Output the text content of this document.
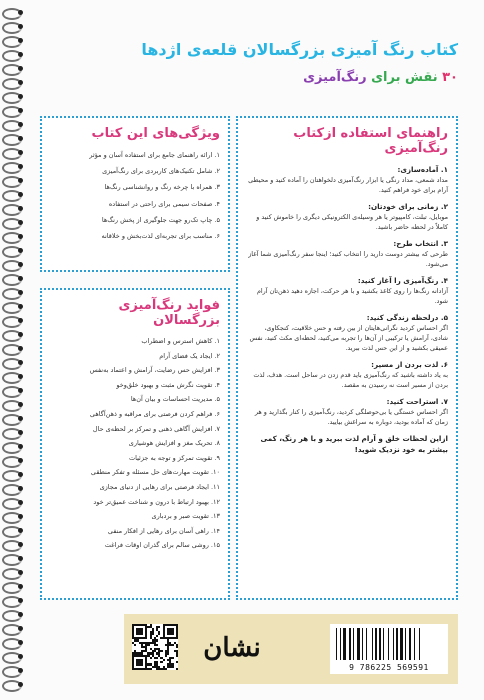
کتاب رنگ آمیزی بزرگسالان قلعه‌ی اژدها
۳۰ نقش برای رنگ‌آمیزی
راهنمای استفاده ازکتاب رنگ‌آمیزی
۱. آماده‌سازی:
مداد شمعی، مداد رنگی یا ابزار رنگ‌آمیزی دلخواهتان را آماده کنید و محیطی آرام برای خود فراهم کنید.
۲. زمانی برای خودتان:
موبایل، تبلت، کامپیوتر یا هر وسیله‌ی الکترونیکی دیگری را خاموش کنید و کاملاً در لحظه حاضر باشید.
۳. انتخاب طرح:
طرحی که بیشتر دوست دارید را انتخاب کنید؛ اینجا سفر رنگ‌آمیزی شما آغاز می‌شود.
۴. رنگ‌آمیزی را آغاز کنید:
آزادانه رنگ‌ها را روی کاغذ بکشید و با هر حرکت، اجازه دهید ذهن‌تان آرام شود.
۵. درلحظه زندگی کنید:
اگر احساس کردید نگرانی‌هایتان از بین رفته و حس خلاقیت، کنجکاوی، شادی، آرامش یا ترکیبی از آن‌ها را تجربه می‌کنید، لحظه‌ای مکث کنید، نفس عمیقی بکشید و از این حس لذت ببرید.
۶. لذت بردن از مسیر:
به یاد داشته باشید که رنگ‌آمیزی باید قدم زدن در ساحل است. هدف، لذت بردن از مسیر است نه رسیدن به مقصد.
۷. استراحت کنید:
اگر احساس خستگی یا بی‌حوصلگی کردید، رنگ‌آمیزی را کنار بگذارید و هر زمان که آماده بودید، دوباره به سراغش بیایید.
ازاین لحظات خلق و آرام لذت ببرید و با هر رنگ، کمی بیشتر به خود نزدیک شوید!
ویژگی‌های این کتاب
۱. ارائه راهنمای جامع برای استفاده آسان و مؤثر
۲. شامل تکنیک‌های کاربردی برای رنگ‌آمیزی
۳. همراه با چرخه رنگ و روانشناسی رنگ‌ها
۴. صفحات سیمی برای راحتی در استفاده
۵. چاپ تک‌رو جهت جلوگیری از پخش رنگ‌ها
۶. مناسب برای تجربه‌ای لذت‌بخش و خلاقانه
فواید رنگ‌آمیزی بزرگسالان
۱. کاهش استرس و اضطراب
۲. ایجاد یک فضای آرام
۳. افزایش حس رضایت، آرامش و اعتماد به‌نفس
۴. تقویت نگرش مثبت و بهبود خلق‌وخو
۵. مدیریت احساسات و بیان آن‌ها
۶. فراهم کردن فرصتی برای مراقبه و ذهن‌آگاهی
۷. افزایش آگاهی ذهنی و تمرکز بر لحظه‌ی حال
۸. تحریک مغز و افزایش هوشیاری
۹. تقویت تمرکز و توجه به جزئیات
۱۰. تقویت مهارت‌های حل مسئله و تفکر منطقی
۱۱. ایجاد فرصتی برای رهایی از دنیای مجازی
۱۲. بهبود ارتباط با درون و شناخت عمیق‌تر خود
۱۳. تقویت صبر و بردباری
۱۴. راهی آسان برای رهایی از افکار منفی
۱۵. روشی سالم برای گذران اوقات فراغت
نشان
9 786225 569591
